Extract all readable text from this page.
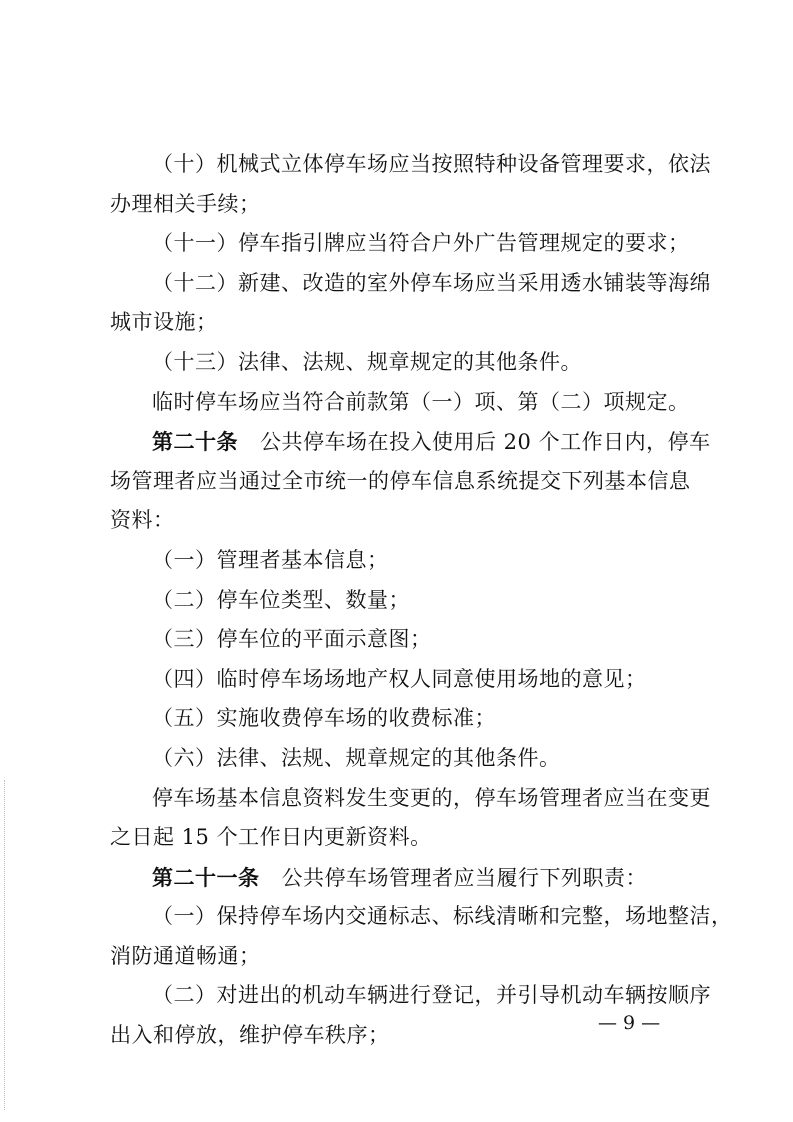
（十）机械式立体停车场应当按照特种设备管理要求，依法
办理相关手续；
（十一）停车指引牌应当符合户外广告管理规定的要求；
（十二）新建、改造的室外停车场应当采用透水铺装等海绵
城市设施；
（十三）法律、法规、规章规定的其他条件。
临时停车场应当符合前款第（一）项、第（二）项规定。
第二十条 公共停车场在投入使用后 20 个工作日内，停车
场管理者应当通过全市统一的停车信息系统提交下列基本信息
资料：
（一）管理者基本信息；
（二）停车位类型、数量；
（三）停车位的平面示意图；
（四）临时停车场场地产权人同意使用场地的意见；
（五）实施收费停车场的收费标准；
（六）法律、法规、规章规定的其他条件。
停车场基本信息资料发生变更的，停车场管理者应当在变更
之日起 15 个工作日内更新资料。
第二十一条 公共停车场管理者应当履行下列职责：
（一）保持停车场内交通标志、标线清晰和完整，场地整洁，
消防通道畅通；
（二）对进出的机动车辆进行登记，并引导机动车辆按顺序
出入和停放，维护停车秩序；
— 9 —
